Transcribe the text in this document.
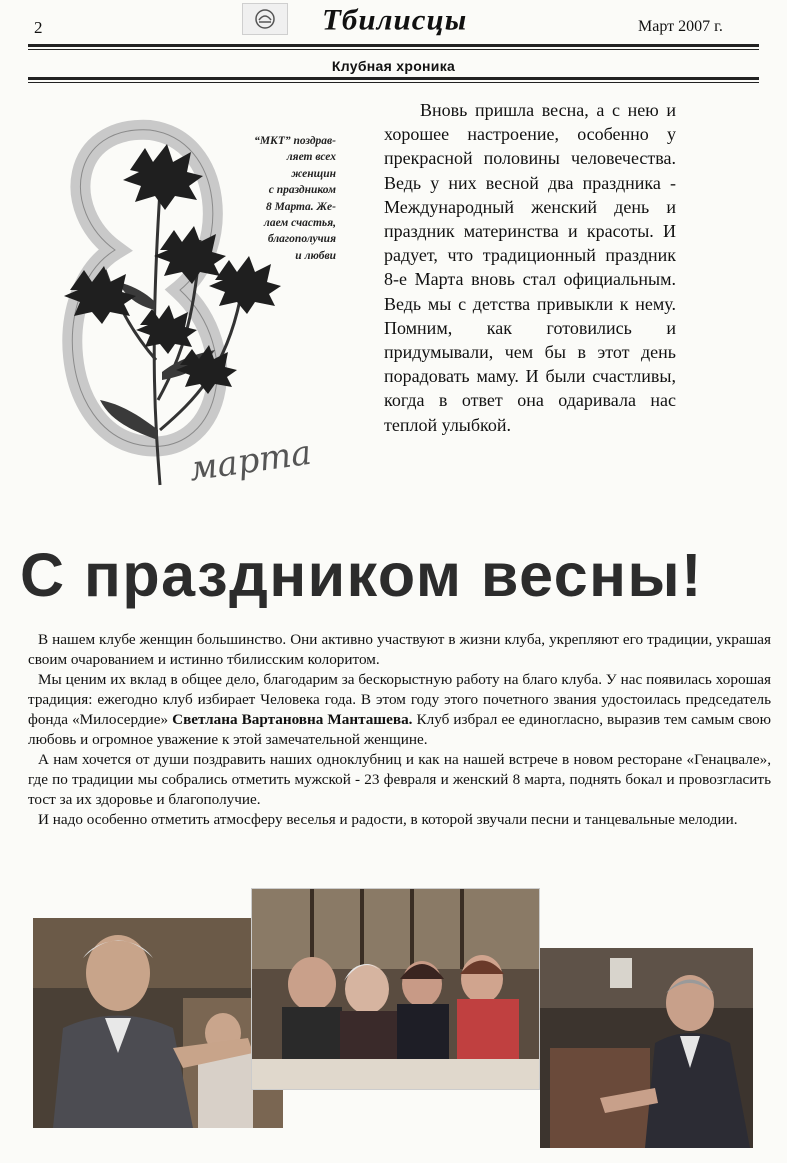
2	Тбилисцы	Март 2007 г.
Клубная хроника
марта
“МКТ” поздрав-
ляет всех
женщин
с праздником
8 Марта. Же-
лаем счастья,
благополучия
и любви

Вновь пришла весна, а с нею и хорошее настроение, особенно у прекрасной половины человечества. Ведь у них весной два праздника - Международный женский день и праздник материнства и красоты. И радует, что традиционный праздник 8-е Марта вновь стал официальным. Ведь мы с детства привыкли к нему. Помним, как готовились и придумывали, чем бы в этот день порадовать маму. И были счастливы, когда в ответ она одаривала нас теплой улыбкой.

С праздником весны!

В нашем клубе женщин большинство. Они активно участвуют в жизни клуба, укрепляют его традиции, украшая своим очарованием и истинно тбилисским колоритом.

Мы ценим их вклад в общее дело, благодарим за бескорыстную работу на благо клуба. У нас появилась хорошая традиция: ежегодно клуб избирает Человека года. В этом году этого почетного звания удостоилась председатель фонда «Милосердие» Светлана Вартановна Манташева. Клуб избрал ее единогласно, выразив тем самым свою любовь и огромное уважение к этой замечательной женщине.

А нам хочется от души поздравить наших одноклубниц и как на нашей встрече в новом ресторане «Генацвале», где по традиции мы собрались отметить мужской - 23 февраля и женский 8 марта, поднять бокал и провозгласить тост за их здоровье и благополучие.

И надо особенно отметить атмосферу веселья и радости, в которой звучали песни и танцевальные мелодии.
